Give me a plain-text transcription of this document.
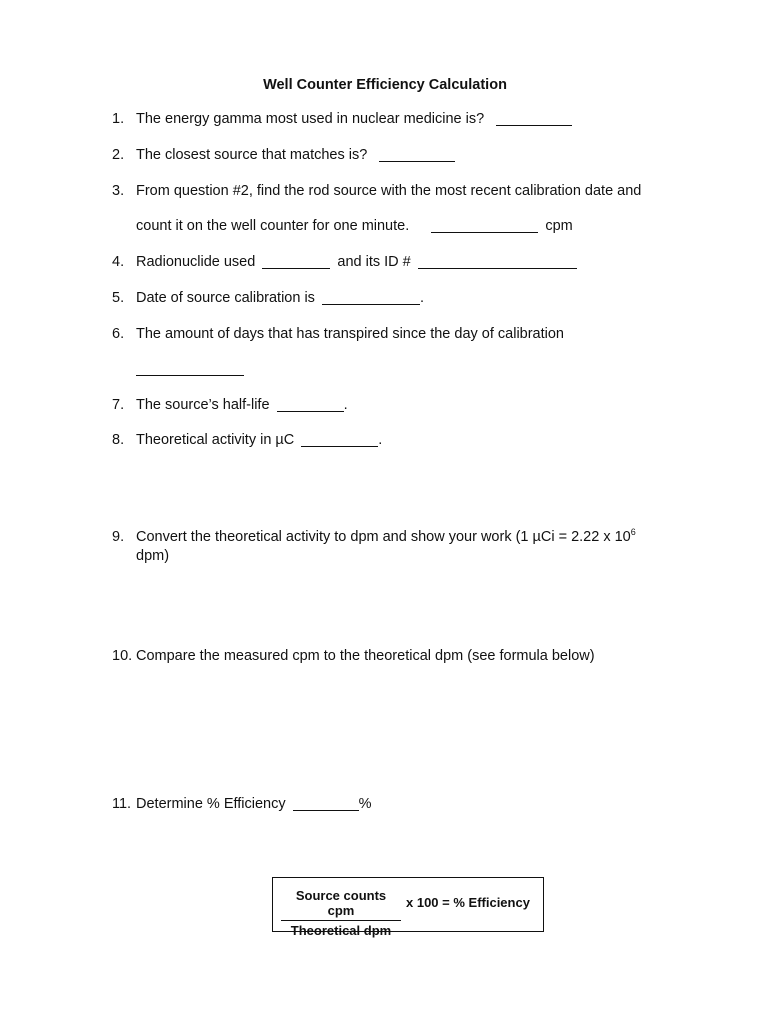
Well Counter Efficiency Calculation
1. The energy gamma most used in nuclear medicine is?
2. The closest source that matches is?
3. From question #2, find the rod source with the most recent calibration date and
count it on the well counter for one minute.	cpm
4. Radionuclide used	and its ID #
5. Date of source calibration is	.
6. The amount of days that has transpired since the day of calibration
7. The source’s half-life	.
8. Theoretical activity in µC	.
9. Convert the theoretical activity to dpm and show your work (1 µCi = 2.22 x $10^6$
dpm)
10. Compare the measured cpm to the theoretical dpm (see formula below)
11. Determine % Efficiency	%
Source counts cpm
Theoretical dpm
x 100 = % Efficiency
